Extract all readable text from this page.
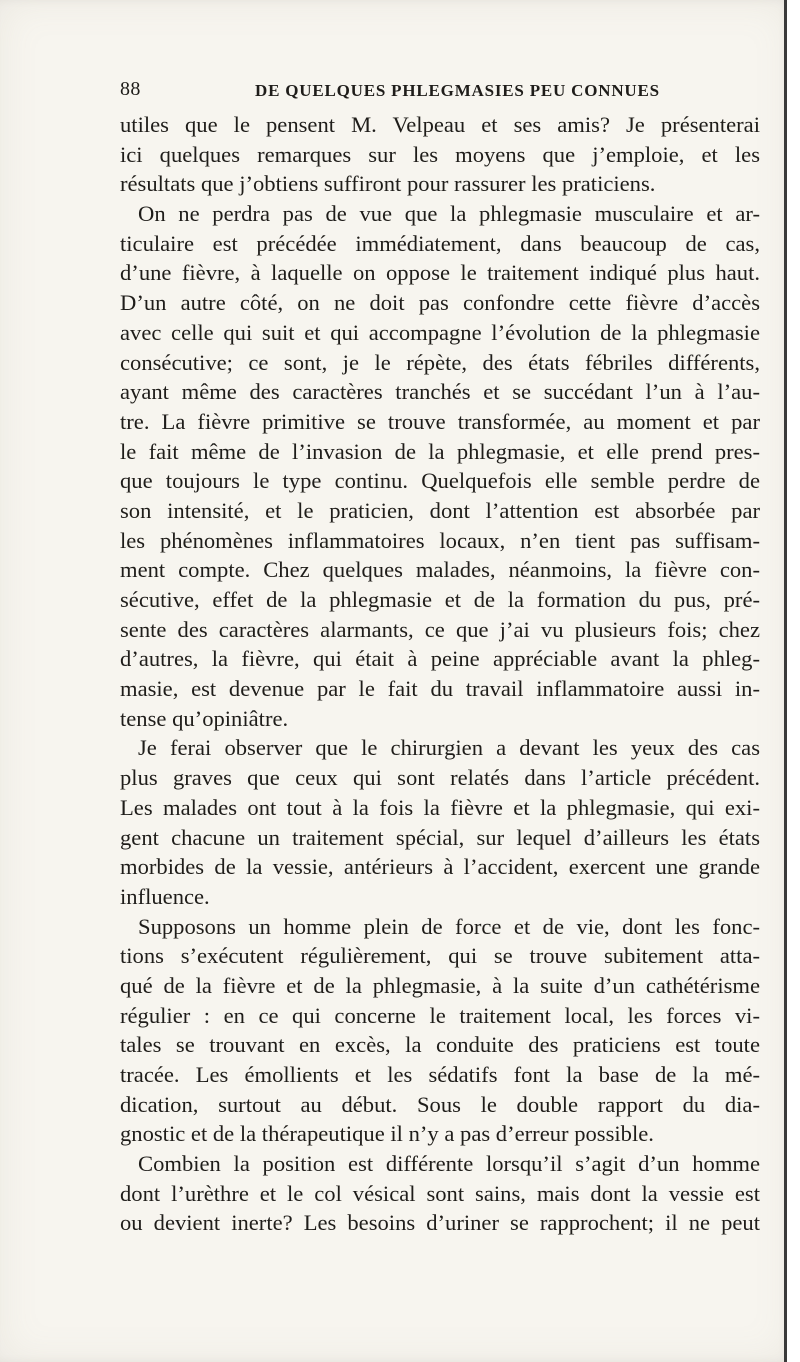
88	DE QUELQUES PHLEGMASIES PEU CONNUES
utiles que le pensent M. Velpeau et ses amis? Je présenterai
ici quelques remarques sur les moyens que j’emploie, et les
résultats que j’obtiens suffiront pour rassurer les praticiens.
On ne perdra pas de vue que la phlegmasie musculaire et ar-
ticulaire est précédée immédiatement, dans beaucoup de cas,
d’une fièvre, à laquelle on oppose le traitement indiqué plus haut.
D’un autre côté, on ne doit pas confondre cette fièvre d’accès
avec celle qui suit et qui accompagne l’évolution de la phlegmasie
consécutive; ce sont, je le répète, des états fébriles différents,
ayant même des caractères tranchés et se succédant l’un à l’au-
tre. La fièvre primitive se trouve transformée, au moment et par
le fait même de l’invasion de la phlegmasie, et elle prend pres-
que toujours le type continu. Quelquefois elle semble perdre de
son intensité, et le praticien, dont l’attention est absorbée par
les phénomènes inflammatoires locaux, n’en tient pas suffisam-
ment compte. Chez quelques malades, néanmoins, la fièvre con-
sécutive, effet de la phlegmasie et de la formation du pus, pré-
sente des caractères alarmants, ce que j’ai vu plusieurs fois; chez
d’autres, la fièvre, qui était à peine appréciable avant la phleg-
masie, est devenue par le fait du travail inflammatoire aussi in-
tense qu’opiniâtre.
Je ferai observer que le chirurgien a devant les yeux des cas
plus graves que ceux qui sont relatés dans l’article précédent.
Les malades ont tout à la fois la fièvre et la phlegmasie, qui exi-
gent chacune un traitement spécial, sur lequel d’ailleurs les états
morbides de la vessie, antérieurs à l’accident, exercent une grande
influence.
Supposons un homme plein de force et de vie, dont les fonc-
tions s’exécutent régulièrement, qui se trouve subitement atta-
qué de la fièvre et de la phlegmasie, à la suite d’un cathétérisme
régulier : en ce qui concerne le traitement local, les forces vi-
tales se trouvant en excès, la conduite des praticiens est toute
tracée. Les émollients et les sédatifs font la base de la mé-
dication, surtout au début. Sous le double rapport du dia-
gnostic et de la thérapeutique il n’y a pas d’erreur possible.
Combien la position est différente lorsqu’il s’agit d’un homme
dont l’urèthre et le col vésical sont sains, mais dont la vessie est
ou devient inerte? Les besoins d’uriner se rapprochent; il ne peut
